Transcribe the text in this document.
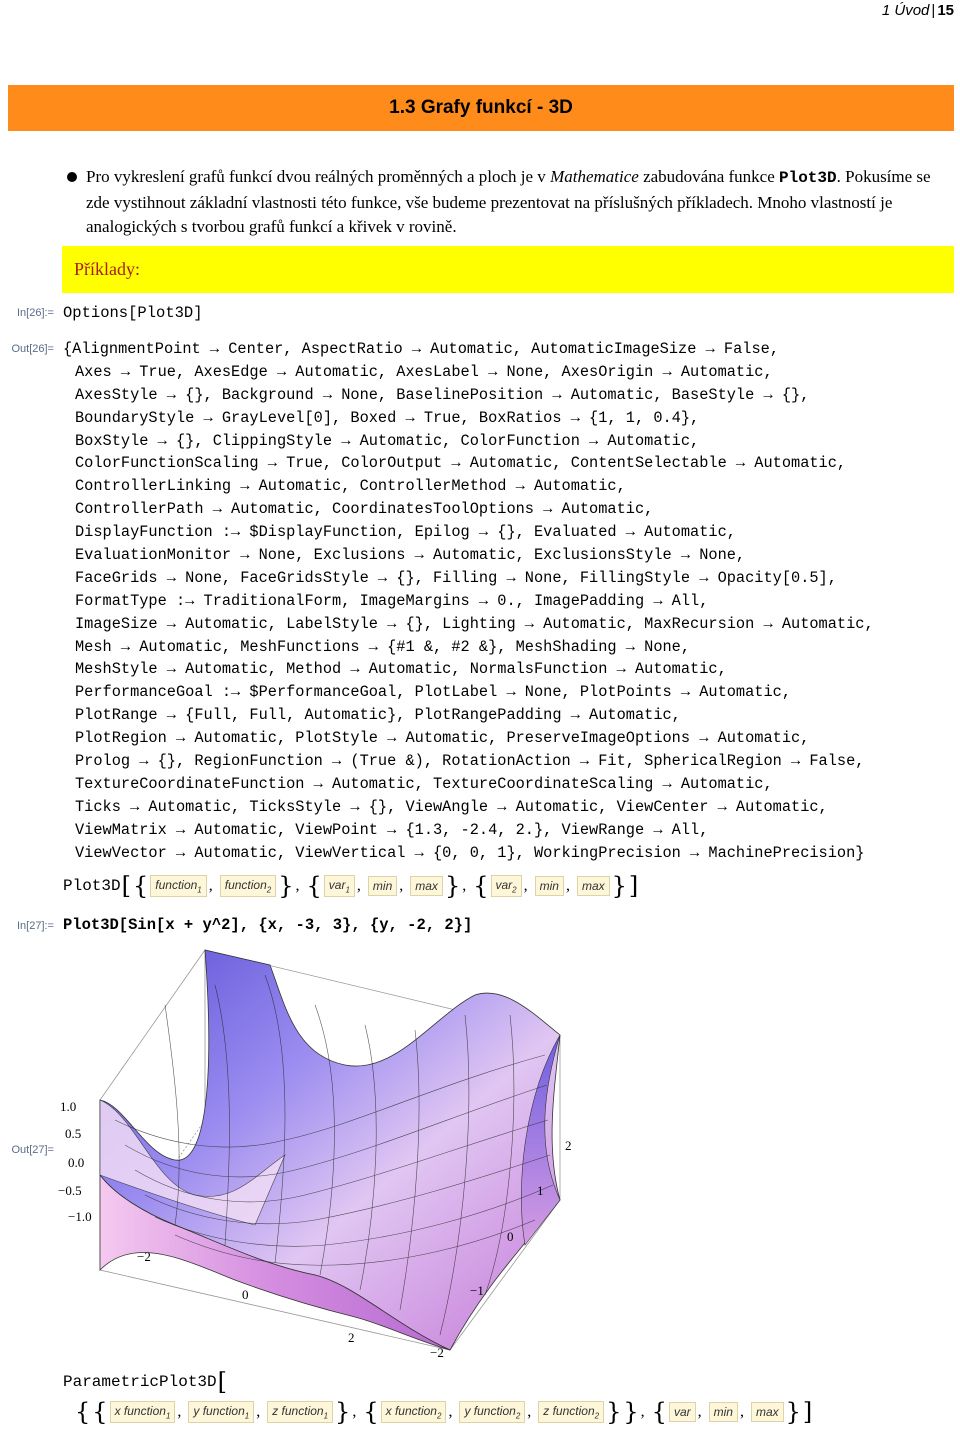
1 Úvod | 15
1.3 Grafy funkcí - 3D
Pro vykreslení grafů funkcí dvou reálných proměnných a ploch je v Mathematice zabudována funkce Plot3D. Pokusíme se zde vystihnout základní vlastnosti této funkce, vše budeme prezentovat na příslušných příkladech. Mnoho vlastností je analogických s tvorbou grafů funkcí a křivek v rovině.
Příklady:
In[26]:= Options[Plot3D]
Out[26]= {AlignmentPoint → Center, AspectRatio → Automatic, AutomaticImageSize → False,
Axes → True, AxesEdge → Automatic, AxesLabel → None, AxesOrigin → Automatic,
AxesStyle → {}, Background → None, BaselinePosition → Automatic, BaseStyle → {},
BoundaryStyle → GrayLevel[0], Boxed → True, BoxRatios → {1, 1, 0.4},
BoxStyle → {}, ClippingStyle → Automatic, ColorFunction → Automatic,
ColorFunctionScaling → True, ColorOutput → Automatic, ContentSelectable → Automatic,
ControllerLinking → Automatic, ControllerMethod → Automatic,
ControllerPath → Automatic, CoordinatesToolOptions → Automatic,
DisplayFunction :→ $DisplayFunction, Epilog → {}, Evaluated → Automatic,
EvaluationMonitor → None, Exclusions → Automatic, ExclusionsStyle → None,
FaceGrids → None, FaceGridsStyle → {}, Filling → None, FillingStyle → Opacity[0.5],
FormatType :→ TraditionalForm, ImageMargins → 0., ImagePadding → All,
ImageSize → Automatic, LabelStyle → {}, Lighting → Automatic, MaxRecursion → Automatic,
Mesh → Automatic, MeshFunctions → {#1 &, #2 &}, MeshShading → None,
MeshStyle → Automatic, Method → Automatic, NormalsFunction → Automatic,
PerformanceGoal :→ $PerformanceGoal, PlotLabel → None, PlotPoints → Automatic,
PlotRange → {Full, Full, Automatic}, PlotRangePadding → Automatic,
PlotRegion → Automatic, PlotStyle → Automatic, PreserveImageOptions → Automatic,
Prolog → {}, RegionFunction → (True &), RotationAction → Fit, SphericalRegion → False,
TextureCoordinateFunction → Automatic, TextureCoordinateScaling → Automatic,
Ticks → Automatic, TicksStyle → {}, ViewAngle → Automatic, ViewCenter → Automatic,
ViewMatrix → Automatic, ViewPoint → {1.3, -2.4, 2.}, ViewRange → All,
ViewVector → Automatic, ViewVertical → {0, 0, 1}, WorkingPrecision → MachinePrecision}
Plot3D [ { function$_1$ ,	function$_2$ } , { var$_1$ ,	min ,	max } , { var$_2$ ,	min ,	max } ]
In[27]:= Plot3D[Sin[x + y^2], {x, -3, 3}, {y, -2, 2}]
Out[27]=
1.0
0.5
0.0
−0.5
−1.0
−2
0
2
2
1
0
−1
−2
ParametricPlot3D [
{ { x function$_1$ ,	y function$_1$ ,	z function$_1$ } , { x function$_2$ ,	y function$_2$ ,	z function$_2$ } } , { var ,	min ,	max } ]
